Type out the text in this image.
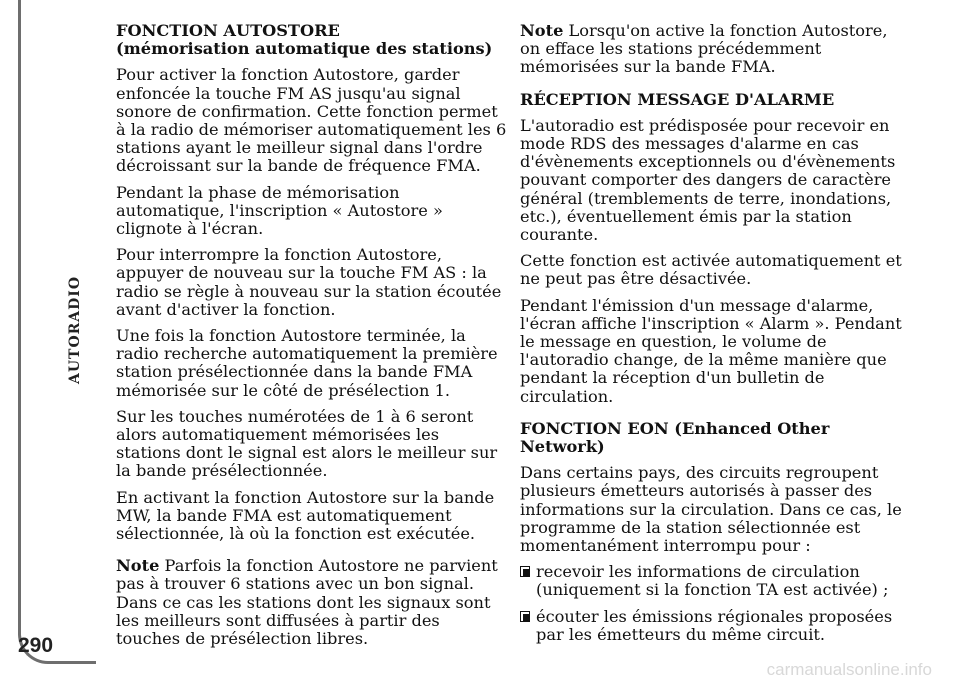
AUTORADIO
290

FONCTION AUTOSTORE
(mémorisation automatique des stations)

Pour activer la fonction Autostore, garder enfoncée la touche FM AS jusqu'au signal sonore de confirmation. Cette fonction permet à la radio de mémoriser automatiquement les 6 stations ayant le meilleur signal dans l'ordre décroissant sur la bande de fréquence FMA.

Pendant la phase de mémorisation automatique, l'inscription « Autostore » clignote à l'écran.

Pour interrompre la fonction Autostore, appuyer de nouveau sur la touche FM AS : la radio se règle à nouveau sur la station écoutée avant d'activer la fonction.

Une fois la fonction Autostore terminée, la radio recherche automatiquement la première station présélectionnée dans la bande FMA mémorisée sur le côté de présélection 1.

Sur les touches numérotées de 1 à 6 seront alors automatiquement mémorisées les stations dont le signal est alors le meilleur sur la bande présélectionnée.

En activant la fonction Autostore sur la bande MW, la bande FMA est automatiquement sélectionnée, là où la fonction est exécutée.

Note Parfois la fonction Autostore ne parvient pas à trouver 6 stations avec un bon signal. Dans ce cas les stations dont les signaux sont les meilleurs sont diffusées à partir des touches de présélection libres.

Note Lorsqu'on active la fonction Autostore, on efface les stations précédemment mémorisées sur la bande FMA.

RÉCEPTION MESSAGE D'ALARME

L'autoradio est prédisposée pour recevoir en mode RDS des messages d'alarme en cas d'évènements exceptionnels ou d'évènements pouvant comporter des dangers de caractère général (tremblements de terre, inondations, etc.), éventuellement émis par la station courante.

Cette fonction est activée automatiquement et ne peut pas être désactivée.

Pendant l'émission d'un message d'alarme, l'écran affiche l'inscription « Alarm ». Pendant le message en question, le volume de l'autoradio change, de la même manière que pendant la réception d'un bulletin de circulation.

FONCTION EON (Enhanced Other Network)

Dans certains pays, des circuits regroupent plusieurs émetteurs autorisés à passer des informations sur la circulation. Dans ce cas, le programme de la station sélectionnée est momentanément interrompu pour :

recevoir les informations de circulation (uniquement si la fonction TA est activée) ;

écouter les émissions régionales proposées par les émetteurs du même circuit.

carmanualsonline.info
